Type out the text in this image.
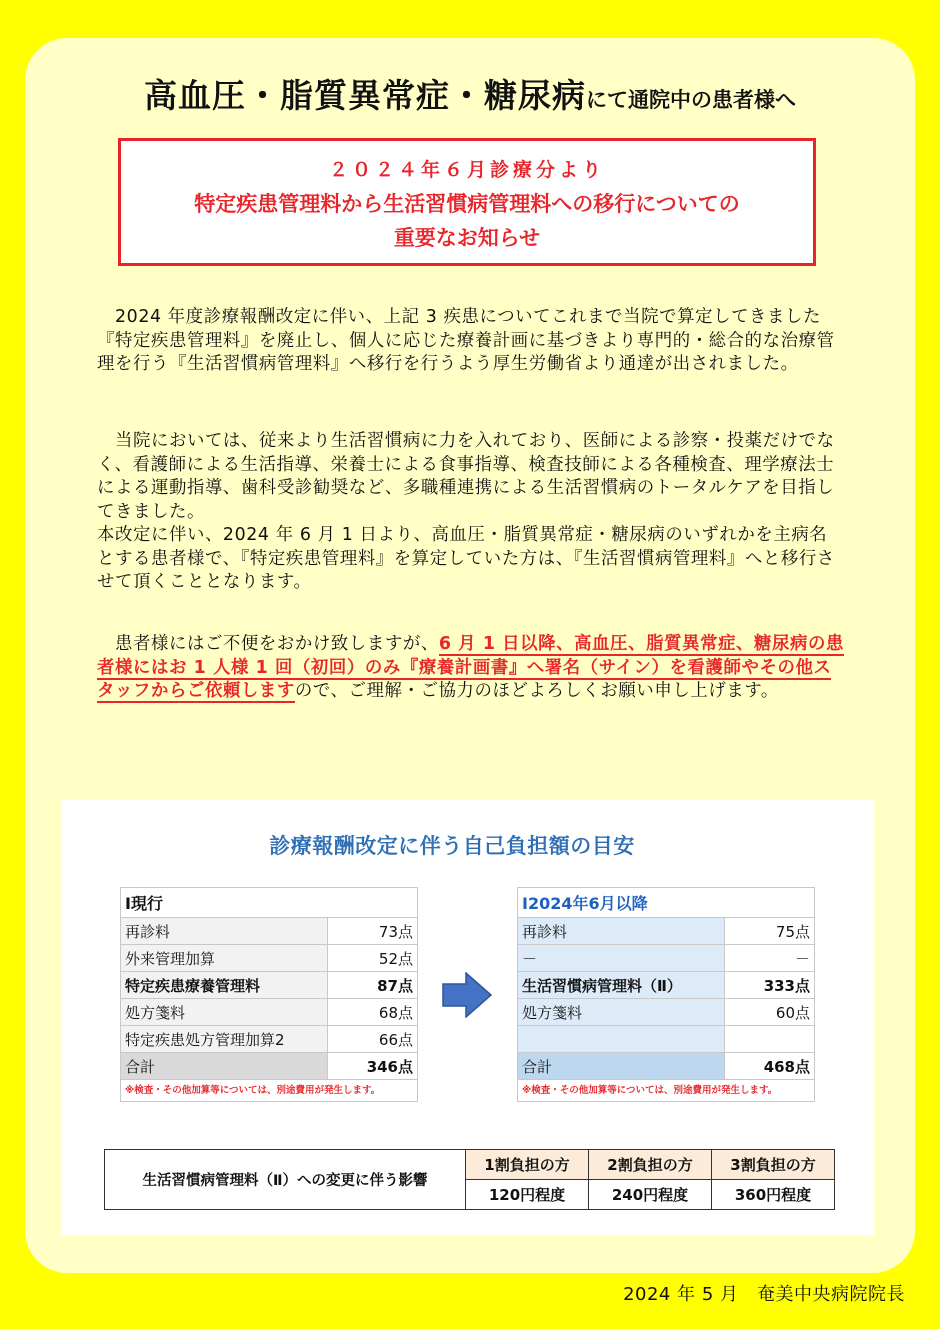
高血圧・脂質異常症・糖尿病にて通院中の患者様へ
２０２４年６月診療分より
特定疾患管理料から生活習慣病管理料への移行についての
重要なお知らせ

　2024 年度診療報酬改定に伴い、上記 3 疾患についてこれまで当院で算定してきました『特定疾患管理料』を廃止し、個人に応じた療養計画に基づきより専門的・総合的な治療管理を行う『生活習慣病管理料』へ移行を行うよう厚生労働省より通達が出されました。

　当院においては、従来より生活習慣病に力を入れており、医師による診察・投薬だけでなく、看護師による生活指導、栄養士による食事指導、検査技師による各種検査、理学療法士による運動指導、歯科受診勧奨など、多職種連携による生活習慣病のトータルケアを目指してきました。

本改定に伴い、2024 年 6 月 1 日より、高血圧・脂質異常症・糖尿病のいずれかを主病名とする患者様で、『特定疾患管理料』を算定していた方は、『生活習慣病管理料』へと移行させて頂くこととなります。

　患者様にはご不便をおかけ致しますが、6 月 1 日以降、高血圧、脂質異常症、糖尿病の患者様にはお 1 人様 1 回（初回）のみ『療養計画書』へ署名（サイン）を看護師やその他スタッフからご依頼しますので、ご理解・ご協力のほどよろしくお願い申し上げます。

診療報酬改定に伴う自己負担額の目安
Ⅰ現行	
再診料	73点
外来管理加算	52点
特定疾患療養管理料	87点
処方箋料	68点
特定疾患処方管理加算2	66点
合計	346点
※検査・その他加算等については、別途費用が発生します。	
Ⅰ2024年6月以降	
再診料	75点
－	－
生活習慣病管理料（Ⅱ）	333点
処方箋料	60点

合計	468点
※検査・その他加算等については、別途費用が発生します。	
生活習慣病管理料（Ⅱ）への変更に伴う影響	1割負担の方	2割負担の方	3割負担の方
	120円程度	240円程度	360円程度
2024 年 5 月　奄美中央病院院長
